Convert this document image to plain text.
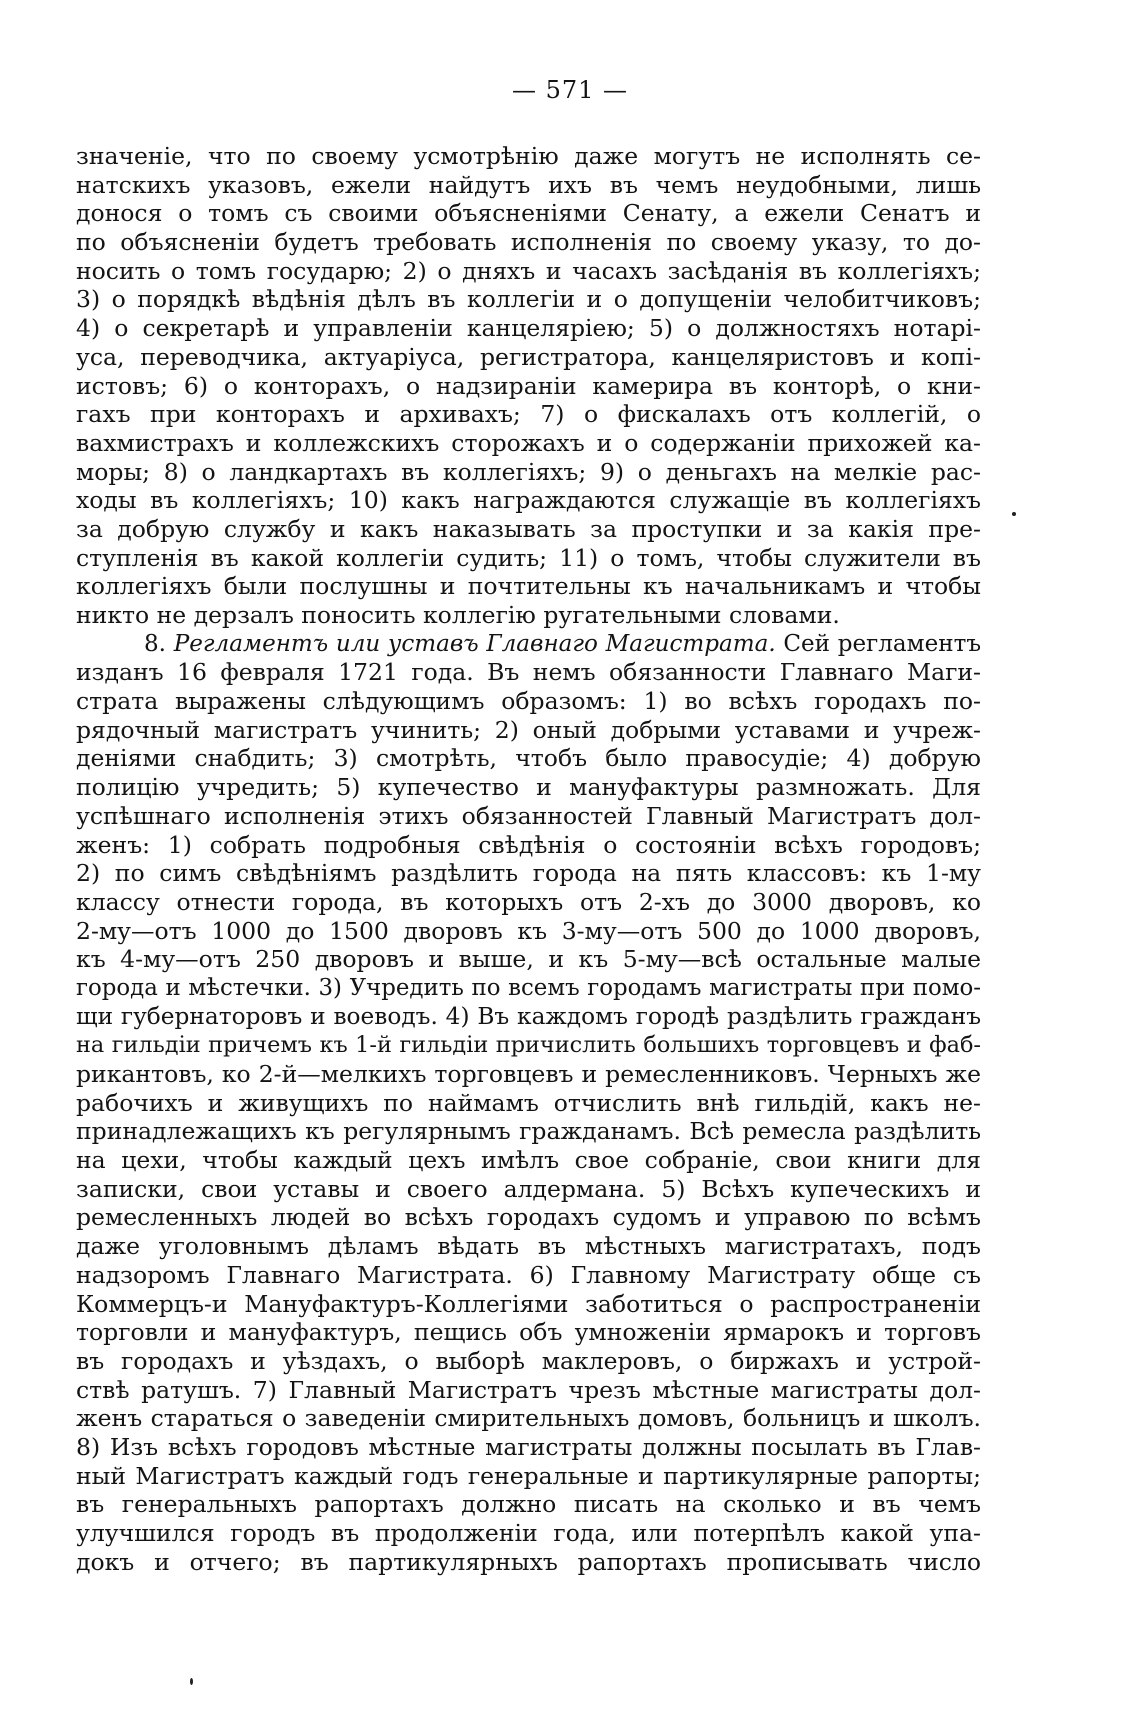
— 571 —
значеніе, что по своему усмотрѣнію даже могутъ не исполнять се-
натскихъ указовъ, ежели найдутъ ихъ въ чемъ неудобными, лишь
донося о томъ съ своими объясненіями Сенату, а ежели Сенатъ и
по объясненіи будетъ требовать исполненія по своему указу, то до-
носить о томъ государю; 2) о дняхъ и часахъ засѣданія въ коллегіяхъ;
3) о порядкѣ вѣдѣнія дѣлъ въ коллегіи и о допущеніи челобитчиковъ;
4) о секретарѣ и управленіи канцеляріею; 5) о должностяхъ нотарі-
уса, переводчика, актуаріуса, регистратора, канцеляристовъ и копі-
истовъ; 6) о конторахъ, о надзираніи камерира въ конторѣ, о кни-
гахъ при конторахъ и архивахъ; 7) о фискалахъ отъ коллегій, о
вахмистрахъ и коллежскихъ сторожахъ и о содержаніи прихожей ка-
моры; 8) о ландкартахъ въ коллегіяхъ; 9) о деньгахъ на мелкіе рас-
ходы въ коллегіяхъ; 10) какъ награждаются служащіе въ коллегіяхъ
за добрую службу и какъ наказывать за проступки и за какія пре-
ступленія въ какой коллегіи судить; 11) о томъ, чтобы служители въ
коллегіяхъ были послушны и почтительны къ начальникамъ и чтобы
никто не дерзалъ поносить коллегію ругательными словами.
8. Регламентъ или уставъ Главнаго Магистрата. Сей регламентъ
изданъ 16 февраля 1721 года. Въ немъ обязанности Главнаго Маги-
страта выражены слѣдующимъ образомъ: 1) во всѣхъ городахъ по-
рядочный магистратъ учинить; 2) оный добрыми уставами и учреж-
деніями снабдить; 3) смотрѣть, чтобъ было правосудіе; 4) добрую
полицію учредить; 5) купечество и мануфактуры размножать. Для
успѣшнаго исполненія этихъ обязанностей Главный Магистратъ дол-
женъ: 1) собрать подробныя свѣдѣнія о состояніи всѣхъ городовъ;
2) по симъ свѣдѣніямъ раздѣлить города на пять классовъ: къ 1-му
классу отнести города, въ которыхъ отъ 2-хъ до 3000 дворовъ, ко
2-му—отъ 1000 до 1500 дворовъ къ 3-му—отъ 500 до 1000 дворовъ,
къ 4-му—отъ 250 дворовъ и выше, и къ 5-му—всѣ остальные малые
города и мѣстечки. 3) Учредить по всемъ городамъ магистраты при помо-
щи губернаторовъ и воеводъ. 4) Въ каждомъ городѣ раздѣлить гражданъ
на гильдіи причемъ къ 1-й гильдіи причислить большихъ торговцевъ и фаб-
рикантовъ, ко 2-й—мелкихъ торговцевъ и ремесленниковъ. Черныхъ же
рабочихъ и живущихъ по наймамъ отчислить внѣ гильдій, какъ не-
принадлежащихъ къ регулярнымъ гражданамъ. Всѣ ремесла раздѣлить
на цехи, чтобы каждый цехъ имѣлъ свое собраніе, свои книги для
записки, свои уставы и своего алдермана. 5) Всѣхъ купеческихъ и
ремесленныхъ людей во всѣхъ городахъ судомъ и управою по всѣмъ
даже уголовнымъ дѣламъ вѣдать въ мѣстныхъ магистратахъ, подъ
надзоромъ Главнаго Магистрата. 6) Главному Магистрату обще съ
Коммерцъ-и Мануфактуръ-Коллегіями заботиться о распространеніи
торговли и мануфактуръ, пещись объ умноженіи ярмарокъ и торговъ
въ городахъ и уѣздахъ, о выборѣ маклеровъ, о биржахъ и устрой-
ствѣ ратушъ. 7) Главный Магистратъ чрезъ мѣстные магистраты дол-
женъ стараться о заведеніи смирительныхъ домовъ, больницъ и школъ.
8) Изъ всѣхъ городовъ мѣстные магистраты должны посылать въ Глав-
ный Магистратъ каждый годъ генеральные и партикулярные рапорты;
въ генеральныхъ рапортахъ должно писать на сколько и въ чемъ
улучшился городъ въ продолженіи года, или потерпѣлъ какой упа-
докъ и отчего; въ партикулярныхъ рапортахъ прописывать число
